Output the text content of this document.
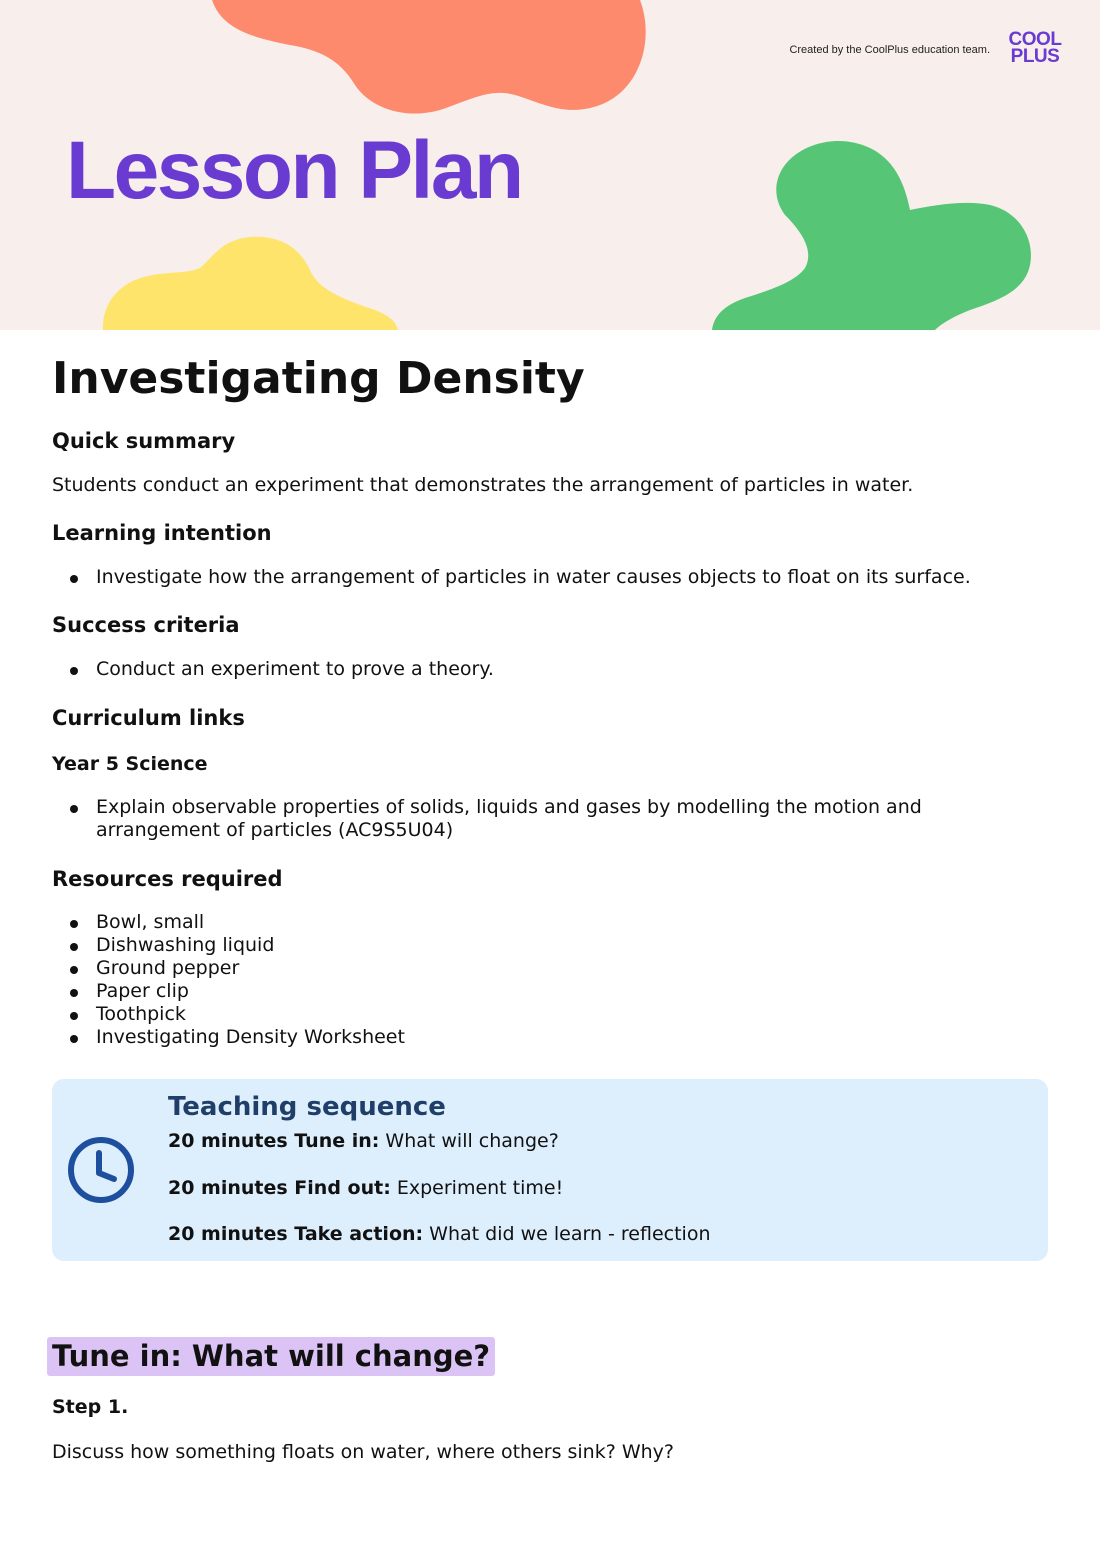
Created by the CoolPlus education team. COOL
PLUS
Lesson Plan
Investigating Density
Quick summary

Students conduct an experiment that demonstrates the arrangement of particles in water.

Learning intention
Investigate how the arrangement of particles in water causes objects to float on its surface.
Success criteria
Conduct an experiment to prove a theory.
Curriculum links
Year 5 Science
Explain observable properties of solids, liquids and gases by modelling the motion and arrangement of particles (AC9S5U04)
Resources required
Bowl, small
Dishwashing liquid
Ground pepper
Paper clip
Toothpick
Investigating Density Worksheet
Teaching sequence

20 minutes Tune in: What will change?

20 minutes Find out: Experiment time!

20 minutes Take action: What did we learn - reflection

Tune in: What will change?

Step 1.

Discuss how something floats on water, where others sink? Why?
